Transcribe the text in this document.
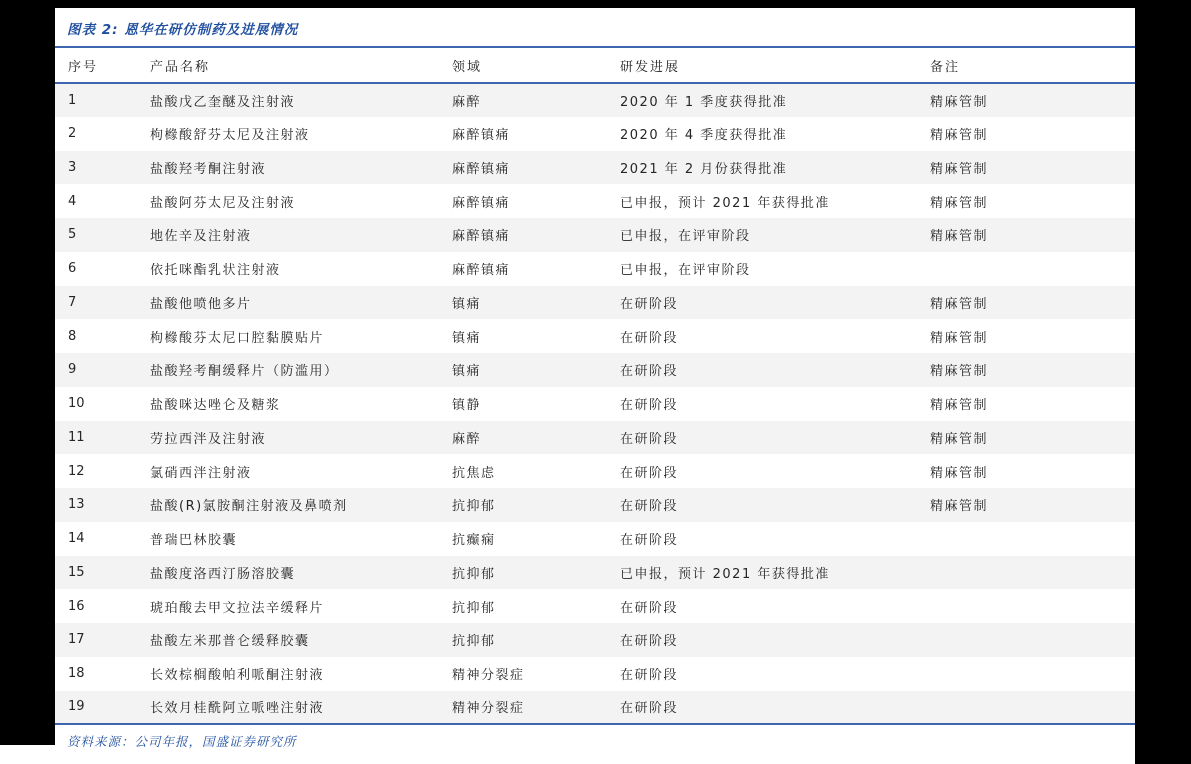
图表 2: 恩华在研仿制药及进展情况
序号	产品名称	领域	研发进展	备注
1	盐酸戊乙奎醚及注射液	麻醉	2020 年 1 季度获得批准	精麻管制
2	枸橼酸舒芬太尼及注射液	麻醉镇痛	2020 年 4 季度获得批准	精麻管制
3	盐酸羟考酮注射液	麻醉镇痛	2021 年 2 月份获得批准	精麻管制
4	盐酸阿芬太尼及注射液	麻醉镇痛	已申报，预计 2021 年获得批准	精麻管制
5	地佐辛及注射液	麻醉镇痛	已申报，在评审阶段	精麻管制
6	依托咪酯乳状注射液	麻醉镇痛	已申报，在评审阶段	
7	盐酸他喷他多片	镇痛	在研阶段	精麻管制
8	枸橼酸芬太尼口腔黏膜贴片	镇痛	在研阶段	精麻管制
9	盐酸羟考酮缓释片（防滥用）	镇痛	在研阶段	精麻管制
10	盐酸咪达唑仑及糖浆	镇静	在研阶段	精麻管制
11	劳拉西泮及注射液	麻醉	在研阶段	精麻管制
12	氯硝西泮注射液	抗焦虑	在研阶段	精麻管制
13	盐酸(R)氯胺酮注射液及鼻喷剂	抗抑郁	在研阶段	精麻管制
14	普瑞巴林胶囊	抗癫痫	在研阶段	
15	盐酸度洛西汀肠溶胶囊	抗抑郁	已申报，预计 2021 年获得批准	
16	琥珀酸去甲文拉法辛缓释片	抗抑郁	在研阶段	
17	盐酸左米那普仑缓释胶囊	抗抑郁	在研阶段	
18	长效棕榈酸帕利哌酮注射液	精神分裂症	在研阶段	
19	长效月桂酰阿立哌唑注射液	精神分裂症	在研阶段	
资料来源：公司年报，国盛证券研究所
